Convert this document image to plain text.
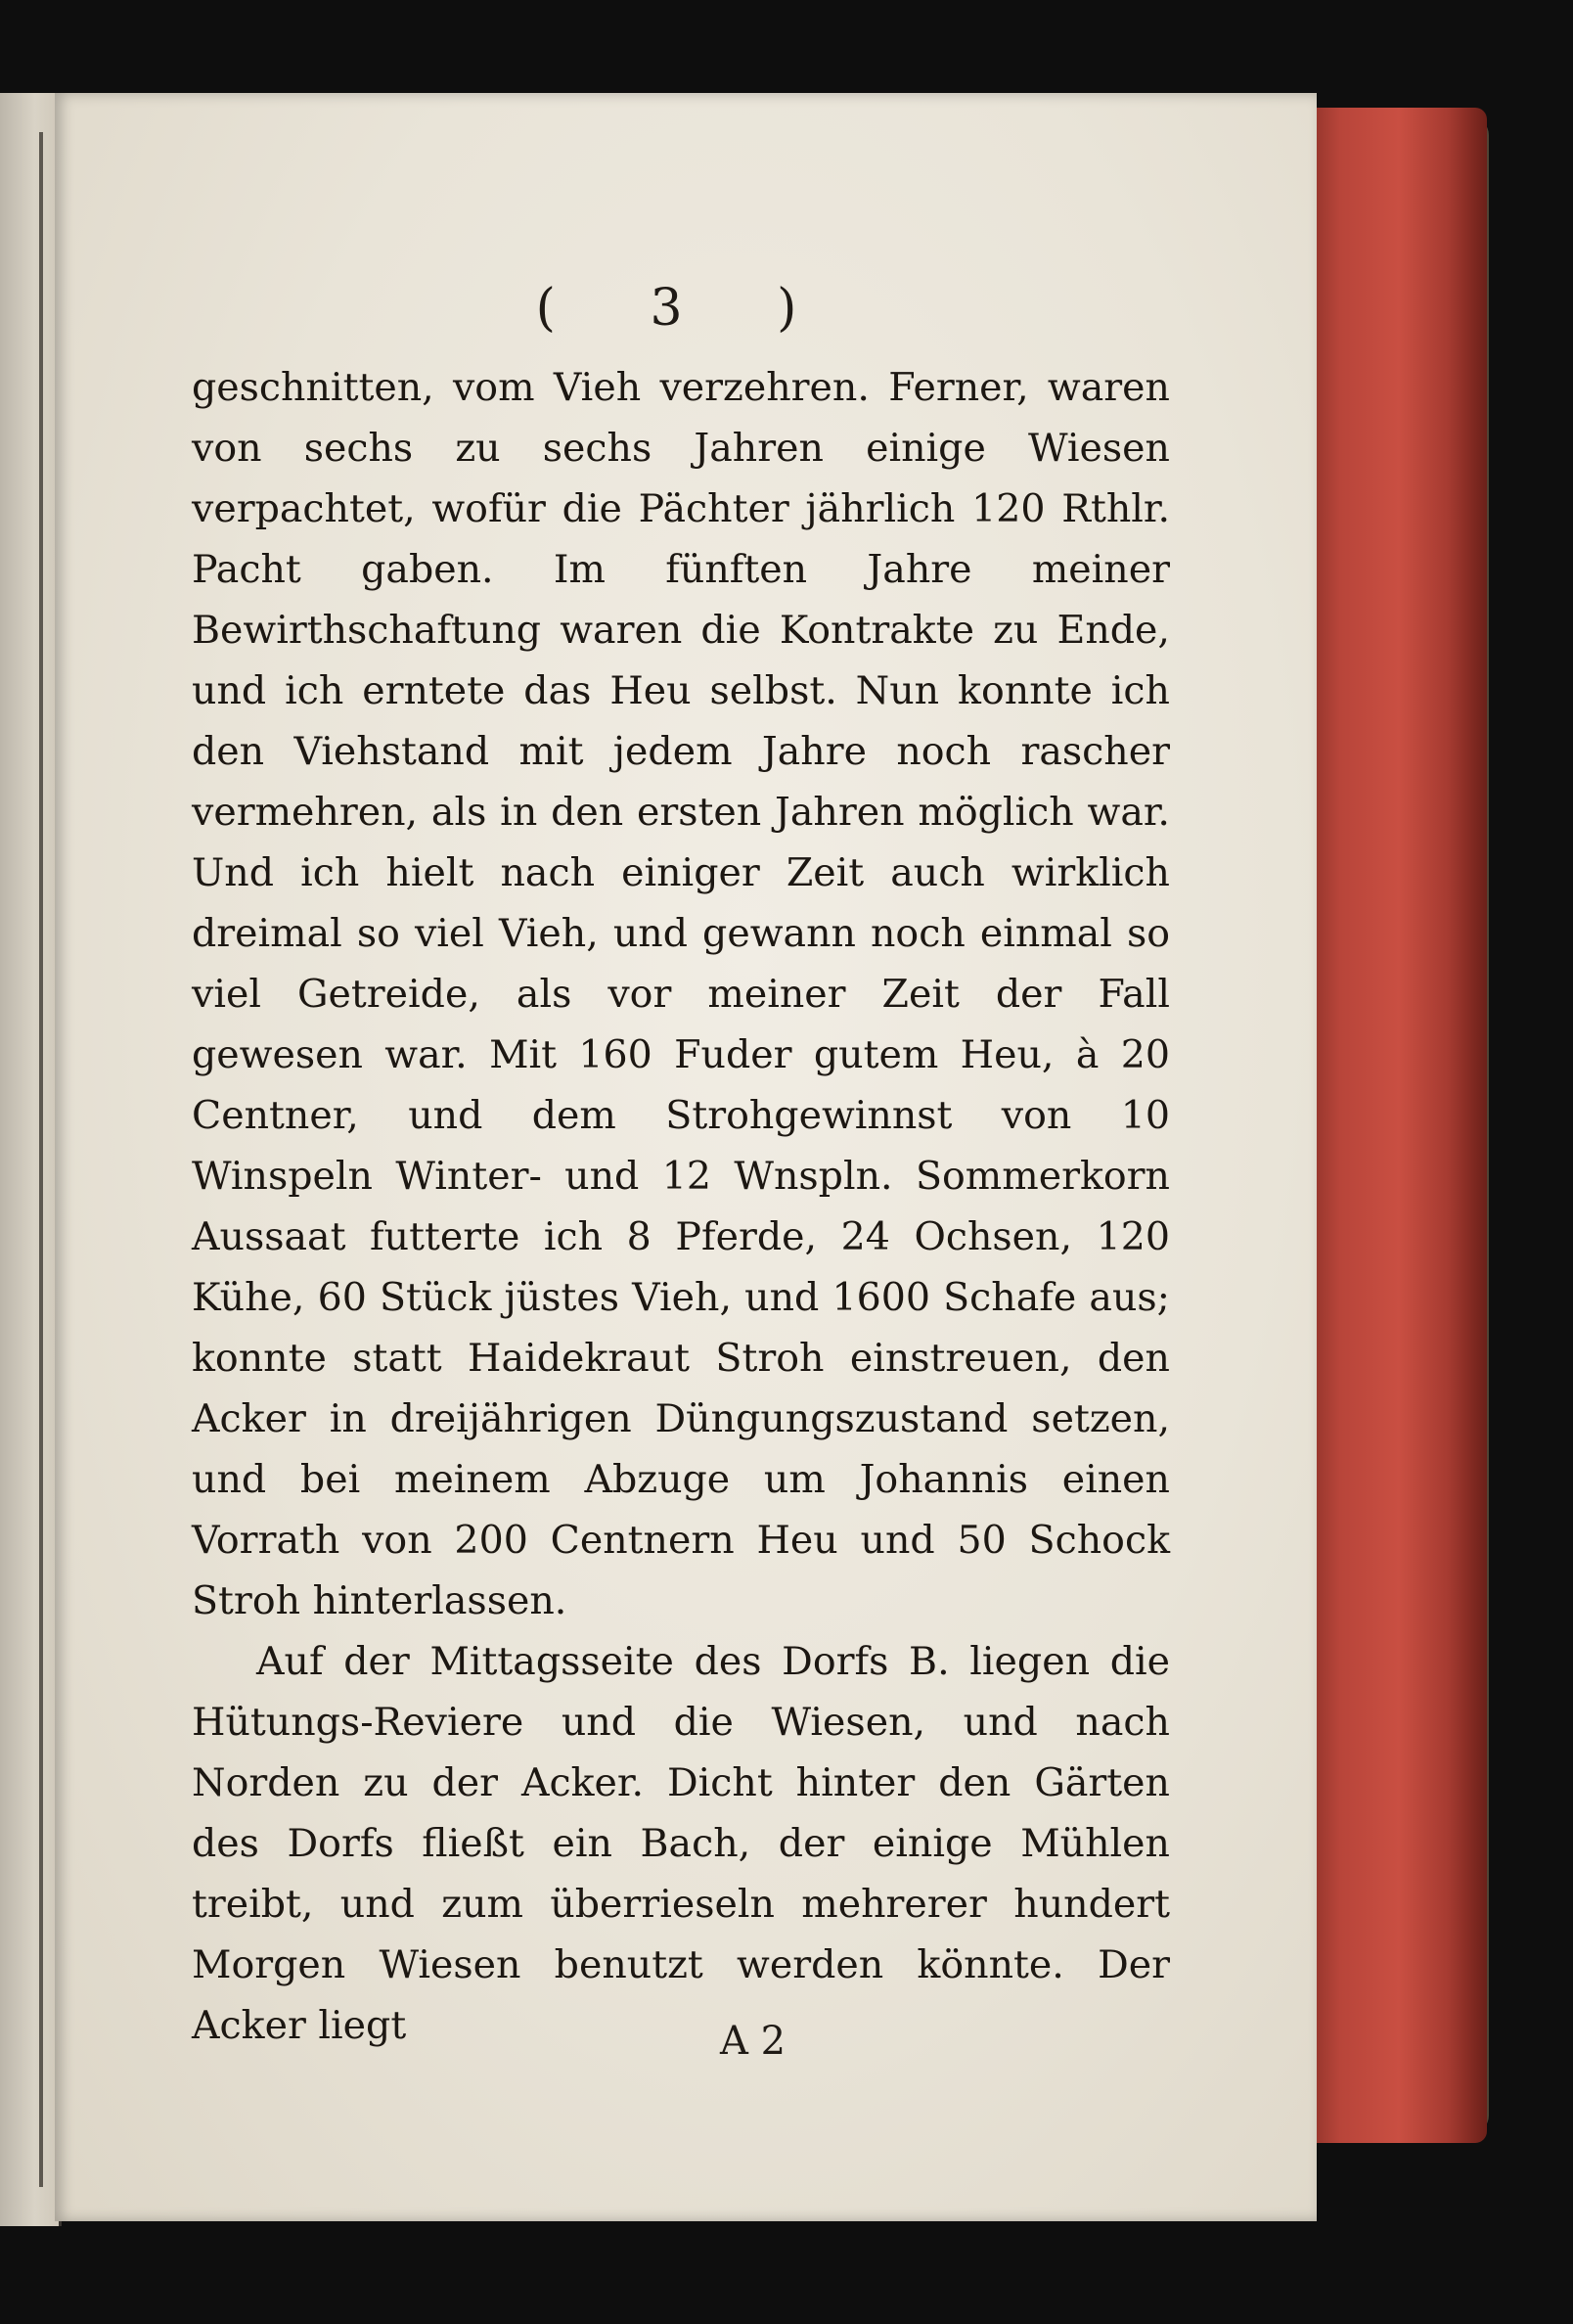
( 3 )

geschnitten, vom Vieh verzehren. Ferner, waren von sechs zu sechs Jahren einige Wiesen verpachtet, wofür die Pächter jährlich 120 Rthlr. Pacht gaben. Im fünften Jahre meiner Bewirthschaftung waren die Kontrakte zu Ende, und ich erntete das Heu selbst. Nun konnte ich den Viehstand mit jedem Jahre noch rascher vermehren, als in den ersten Jahren möglich war. Und ich hielt nach einiger Zeit auch wirklich dreimal so viel Vieh, und gewann noch einmal so viel Getreide, als vor meiner Zeit der Fall gewesen war. Mit 160 Fuder gutem Heu, à 20 Centner, und dem Strohgewinnst von 10 Winspeln Winter- und 12 Wnspln. Sommerkorn Aussaat futterte ich 8 Pferde, 24 Ochsen, 120 Kühe, 60 Stück jüstes Vieh, und 1600 Schafe aus; konnte statt Haidekraut Stroh einstreuen, den Acker in dreijährigen Düngungszustand setzen, und bei meinem Abzuge um Johannis einen Vorrath von 200 Centnern Heu und 50 Schock Stroh hinterlassen.

Auf der Mittagsseite des Dorfs B. liegen die Hütungs-Reviere und die Wiesen, und nach Norden zu der Acker. Dicht hinter den Gärten des Dorfs fließt ein Bach, der einige Mühlen treibt, und zum überrieseln mehrerer hundert Morgen Wiesen benutzt werden könnte. Der Acker liegt	A 2
